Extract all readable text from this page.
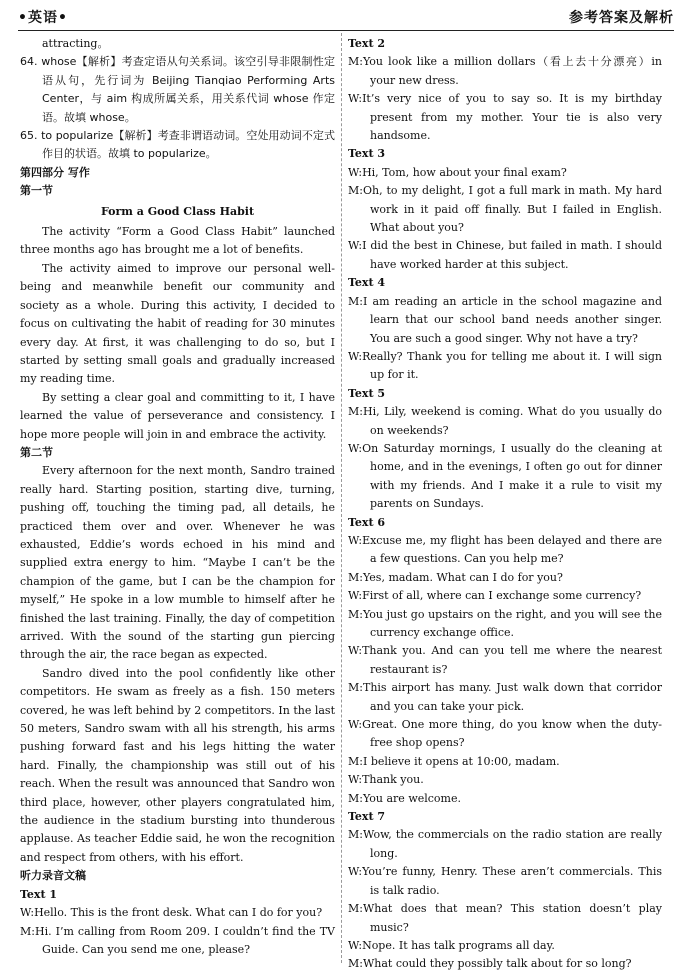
•英语•	参考答案及解析

attracting。

64. whose【解析】考查定语从句关系词。该空引导非限制性定语从句，先行词为 Beijing Tianqiao Performing Arts Center，与 aim 构成所属关系，用关系代词 whose 作定语。故填 whose。

65. to popularize【解析】考查非谓语动词。空处用动词不定式作目的状语。故填 to popularize。

第四部分 写作

第一节

Form a Good Class Habit

The activity “Form a Good Class Habit” launched three months ago has brought me a lot of benefits.

The activity aimed to improve our personal well-being and meanwhile benefit our community and society as a whole. During this activity, I decided to focus on cultivating the habit of reading for 30 minutes every day. At first, it was challenging to do so, but I started by setting small goals and gradually increased my reading time.

By setting a clear goal and committing to it, I have learned the value of perseverance and consistency. I hope more people will join in and embrace the activity.

第二节

Every afternoon for the next month, Sandro trained really hard. Starting position, starting dive, turning, pushing off, touching the timing pad, all details, he practiced them over and over. Whenever he was exhausted, Eddie’s words echoed in his mind and supplied extra energy to him. “Maybe I can’t be the champion of the game, but I can be the champion for myself,” He spoke in a low mumble to himself after he finished the last training. Finally, the day of competition arrived. With the sound of the starting gun piercing through the air, the race began as expected.

Sandro dived into the pool confidently like other competitors. He swam as freely as a fish. 150 meters covered, he was left behind by 2 competitors. In the last 50 meters, Sandro swam with all his strength, his arms pushing forward fast and his legs hitting the water hard. Finally, the championship was still out of his reach. When the result was announced that Sandro won third place, however, other players congratulated him, the audience in the stadium bursting into thunderous applause. As teacher Eddie said, he won the recognition and respect from others, with his effort.

听力录音文稿

Text 1

W:Hello. This is the front desk. What can I do for you?

M:Hi. I’m calling from Room 209. I couldn’t find the TV Guide. Can you send me one, please?

Text 2

M:You look like a million dollars（看上去十分漂亮）in your new dress.

W:It’s very nice of you to say so. It is my birthday present from my mother. Your tie is also very handsome.

Text 3

W:Hi, Tom, how about your final exam?

M:Oh, to my delight, I got a full mark in math. My hard work in it paid off finally. But I failed in English. What about you?

W:I did the best in Chinese, but failed in math. I should have worked harder at this subject.

Text 4

M:I am reading an article in the school magazine and learn that our school band needs another singer. You are such a good singer. Why not have a try?

W:Really? Thank you for telling me about it. I will sign up for it.

Text 5

M:Hi, Lily, weekend is coming. What do you usually do on weekends?

W:On Saturday mornings, I usually do the cleaning at home, and in the evenings, I often go out for dinner with my friends. And I make it a rule to visit my parents on Sundays.

Text 6

W:Excuse me, my flight has been delayed and there are a few questions. Can you help me?

M:Yes, madam. What can I do for you?

W:First of all, where can I exchange some currency?

M:You just go upstairs on the right, and you will see the currency exchange office.

W:Thank you. And can you tell me where the nearest restaurant is?

M:This airport has many. Just walk down that corridor and you can take your pick.

W:Great. One more thing, do you know when the duty-free shop opens?

M:I believe it opens at 10:00, madam.

W:Thank you.

M:You are welcome.

Text 7

M:Wow, the commercials on the radio station are really long.

W:You’re funny, Henry. These aren’t commercials. This is talk radio.

M:What does that mean? This station doesn’t play music?

W:Nope. It has talk programs all day.

M:What could they possibly talk about for so long?
